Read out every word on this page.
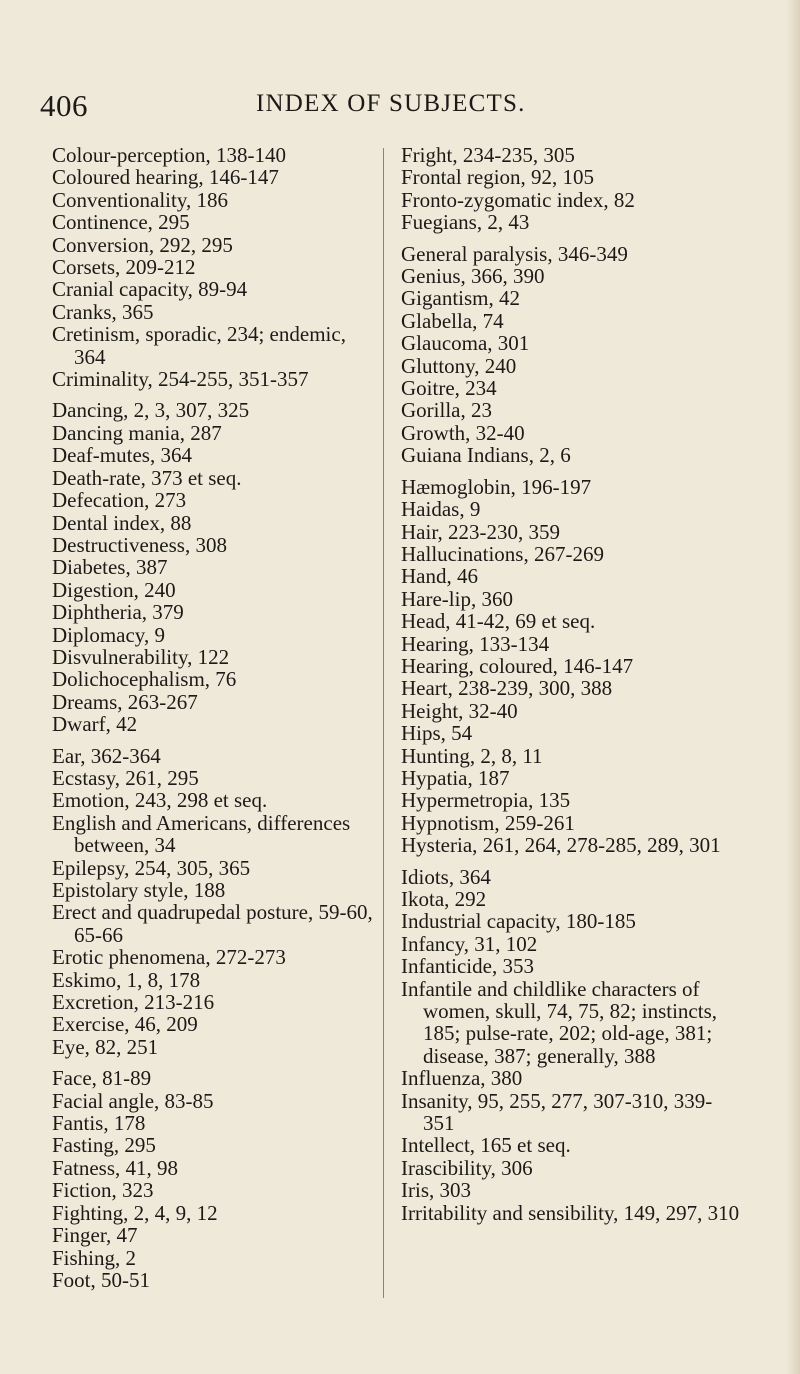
406	INDEX OF SUBJECTS.
Colour-perception, 138-140
Coloured hearing, 146-147
Conventionality, 186
Continence, 295
Conversion, 292, 295
Corsets, 209-212
Cranial capacity, 89-94
Cranks, 365
Cretinism, sporadic, 234; endemic, 364
Criminality, 254-255, 351-357
Dancing, 2, 3, 307, 325
Dancing mania, 287
Deaf-mutes, 364
Death-rate, 373 et seq.
Defecation, 273
Dental index, 88
Destructiveness, 308
Diabetes, 387
Digestion, 240
Diphtheria, 379
Diplomacy, 9
Disvulnerability, 122
Dolichocephalism, 76
Dreams, 263-267
Dwarf, 42
Ear, 362-364
Ecstasy, 261, 295
Emotion, 243, 298 et seq.
English and Americans, differences between, 34
Epilepsy, 254, 305, 365
Epistolary style, 188
Erect and quadrupedal posture, 59-60, 65-66
Erotic phenomena, 272-273
Eskimo, 1, 8, 178
Excretion, 213-216
Exercise, 46, 209
Eye, 82, 251
Face, 81-89
Facial angle, 83-85
Fantis, 178
Fasting, 295
Fatness, 41, 98
Fiction, 323
Fighting, 2, 4, 9, 12
Finger, 47
Fishing, 2
Foot, 50-51
Fright, 234-235, 305
Frontal region, 92, 105
Fronto-zygomatic index, 82
Fuegians, 2, 43
General paralysis, 346-349
Genius, 366, 390
Gigantism, 42
Glabella, 74
Glaucoma, 301
Gluttony, 240
Goitre, 234
Gorilla, 23
Growth, 32-40
Guiana Indians, 2, 6
Hæmoglobin, 196-197
Haidas, 9
Hair, 223-230, 359
Hallucinations, 267-269
Hand, 46
Hare-lip, 360
Head, 41-42, 69 et seq.
Hearing, 133-134
Hearing, coloured, 146-147
Heart, 238-239, 300, 388
Height, 32-40
Hips, 54
Hunting, 2, 8, 11
Hypatia, 187
Hypermetropia, 135
Hypnotism, 259-261
Hysteria, 261, 264, 278-285, 289, 301
Idiots, 364
Ikota, 292
Industrial capacity, 180-185
Infancy, 31, 102
Infanticide, 353
Infantile and childlike characters of women, skull, 74, 75, 82; instincts, 185; pulse-rate, 202; old-age, 381; disease, 387; generally, 388
Influenza, 380
Insanity, 95, 255, 277, 307-310, 339-351
Intellect, 165 et seq.
Irascibility, 306
Iris, 303
Irritability and sensibility, 149, 297, 310
